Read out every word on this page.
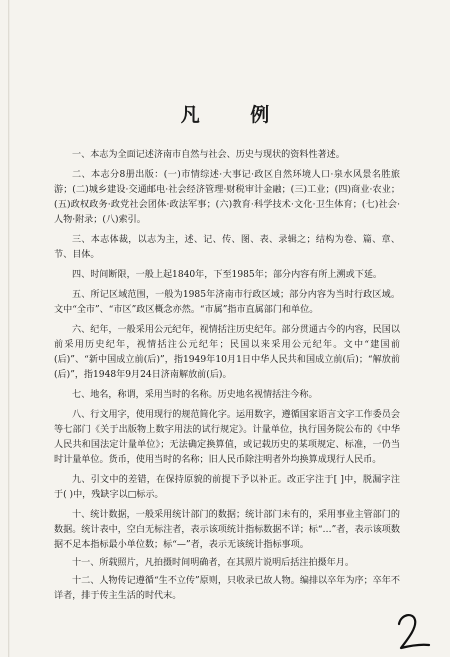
凡 例

一、本志为全面记述济南市自然与社会、历史与现状的资料性著述。

二、本志分8册出版：(一)市情综述·大事记·政区自然环境人口·泉水风景名胜旅游；(二)城乡建设·交通邮电·社会经济管理·财税审计金融；(三)工业；(四)商业·农业；(五)政权政务·政党社会团体·政法军事；(六)教育·科学技术·文化·卫生体育；(七)社会·人物·附录；(八)索引。

三、本志体裁，以志为主，述、记、传、图、表、录辑之；结构为卷、篇、章、节、目体。

四、时间断限，一般上起1840年，下至1985年；部分内容有所上溯或下延。

五、所记区域范围，一般为1985年济南市行政区域；部分内容为当时行政区域。文中“全市”、“市区”政区概念亦然。“市属”指市直属部门和单位。

六、纪年，一般采用公元纪年，视情括注历史纪年。部分贯通古今的内容，民国以前采用历史纪年，视情括注公元纪年；民国以来采用公元纪年。文中“建国前(后)”、“新中国成立前(后)”，指1949年10月1日中华人民共和国成立前(后)；“解放前(后)”，指1948年9月24日济南解放前(后)。

七、地名，称谓，采用当时的名称。历史地名视情括注今称。

八、行文用字，使用现行的规范简化字。运用数字，遵循国家语言文字工作委员会等七部门《关于出版物上数字用法的试行规定》。计量单位，执行国务院公布的《中华人民共和国法定计量单位》；无法确定换算值，或记载历史的某项规定、标准，一仍当时计量单位。货币，使用当时的名称；旧人民币除注明者外均换算成现行人民币。

九、引文中的差错，在保持原貌的前提下予以补正。改正字注于[ ]中，脱漏字注于( )中，残缺字以□标示。

十、统计数据，一般采用统计部门的数据；统计部门未有的，采用事业主管部门的数据。统计表中，空白无标注者，表示该项统计指标数据不详；标“…”者，表示该项数据不足本指标最小单位数；标“—”者，表示无该统计指标事项。

十一、所载照片，凡拍摄时间明确者，在其照片说明后括注拍摄年月。

十二、人物传记遵循“生不立传”原则，只收录已故人物。编排以卒年为序；卒年不详者，排于传主生活的时代末。
